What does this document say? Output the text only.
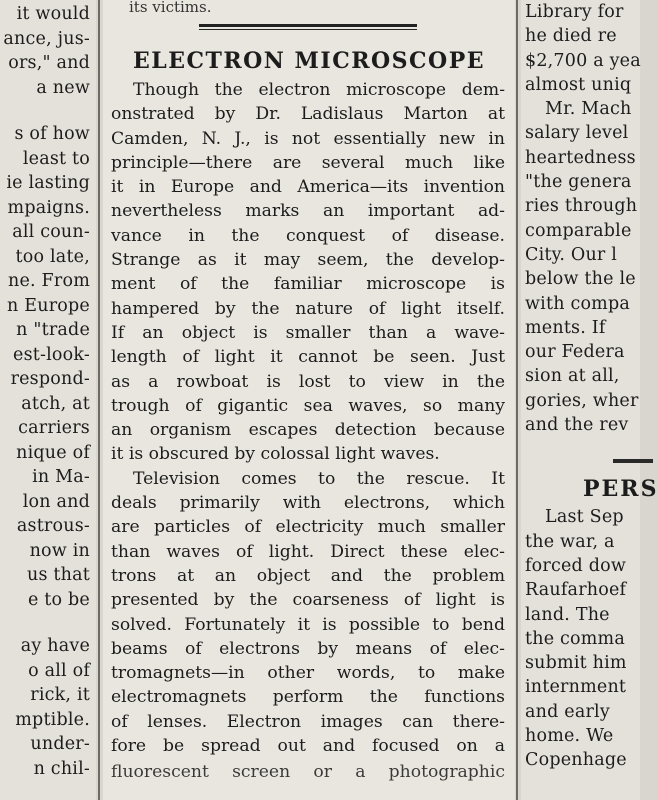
it would
ance, jus-
ors," and
a new
s of how
least to
ie lasting
mpaigns.
all coun-
too late,
ne. From
n Europe
n "trade
est-look-
respond-
atch, at
carriers
nique of
in Ma-
lon and
astrous-
now in
us that
e to be
ay have
o all of
rick, it
mptible.
under-
n chil-
its victims.
ELECTRON MICROSCOPE
Though the electron microscope dem-
onstrated by Dr. Ladislaus Marton at
Camden, N. J., is not essentially new in
principle—there are several much like
it in Europe and America—its invention
nevertheless marks an important ad-
vance in the conquest of disease.
Strange as it may seem, the develop-
ment of the familiar microscope is
hampered by the nature of light itself.
If an object is smaller than a wave-
length of light it cannot be seen. Just
as a rowboat is lost to view in the
trough of gigantic sea waves, so many
an organism escapes detection because
it is obscured by colossal light waves.
Television comes to the rescue. It
deals primarily with electrons, which
are particles of electricity much smaller
than waves of light. Direct these elec-
trons at an object and the problem
presented by the coarseness of light is
solved. Fortunately it is possible to bend
beams of electrons by means of elec-
tromagnets—in other words, to make
electromagnets perform the functions
of lenses. Electron images can there-
fore be spread out and focused on a
fluorescent screen or a photographic
Library for
he died re
$2,700 a yea
almost uniq
Mr. Mach
salary level
heartedness
"the genera
ries through
comparable
City. Our l
below the le
with compa
ments. If
our Federa
sion at all,
gories, wher
and the rev
PERS
Last Sep
the war, a
forced dow
Raufarhoef
land. The
the comma
submit him
internment
and early
home. We
Copenhage
